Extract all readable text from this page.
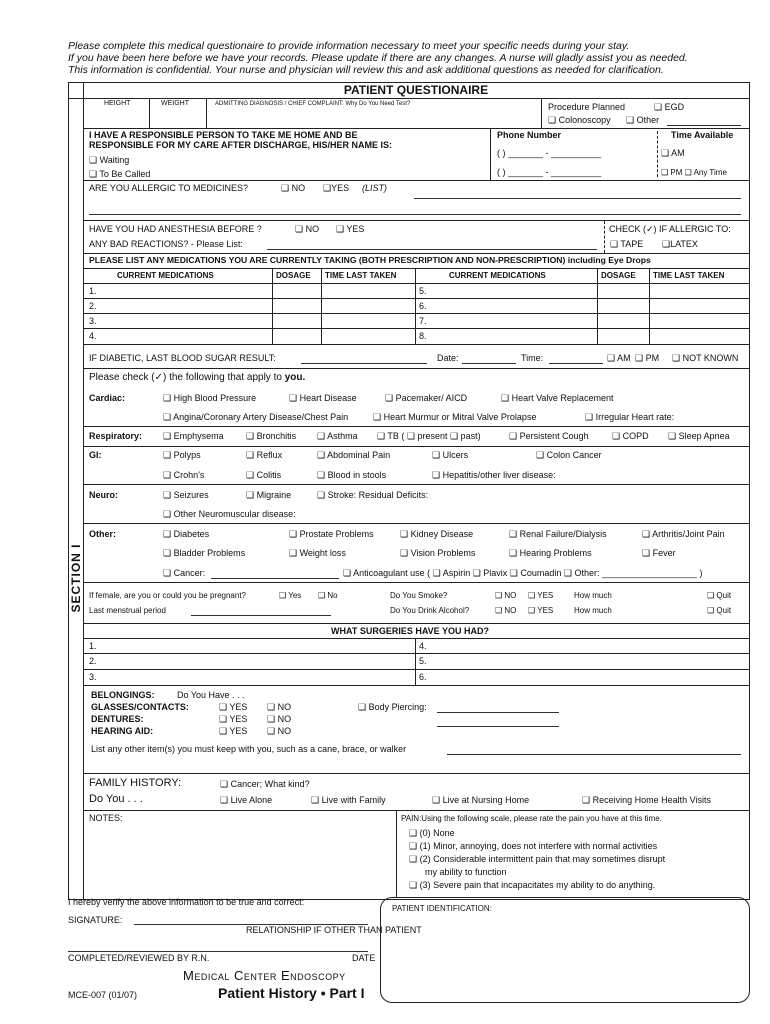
Please complete this medical questionaire to provide information necessary to meet your specific needs during your stay.
If you have been here before we have your records. Please update if there are any changes. A nurse will gladly assist you as needed.
This information is confidential. Your nurse and physician will review this and ask additional questions as needed for clarification.
PATIENT QUESTIONAIRE
SECTION I
HEIGHT	WEIGHT	ADMITTING DIAGNOSIS / CHIEF COMPLAINT: Why Do You Need Test?	Procedure Planned	❑ EGD
❑ Colonoscopy ❑ Other
I HAVE A RESPONSIBLE PERSON TO TAKE ME HOME AND BE
RESPONSIBLE FOR MY CARE AFTER DISCHARGE, HIS/HER NAME IS:
❑ Waiting
❑ To Be Called
Phone Number
( ) _______ - __________
( ) _______ - __________
Time Available
❑ AM
❑ PM ❑ Any Time
ARE YOU ALLERGIC TO MEDICINES?	❑ NO ❑YES (LIST)
HAVE YOU HAD ANESTHESIA BEFORE ?	❑ NO ❑ YES
ANY BAD REACTIONS? - Please List:
CHECK (✓) IF ALLERGIC TO:
❑ TAPE ❑LATEX
PLEASE LIST ANY MEDICATIONS YOU ARE CURRENTLY TAKING (BOTH PRESCRIPTION AND NON-PRESCRIPTION) including Eye Drops
CURRENT MEDICATIONS	DOSAGE TIME LAST TAKEN	CURRENT MEDICATIONS	DOSAGE TIME LAST TAKEN
1.	5.
2.	6.
3.	7.
4.	8.
IF DIABETIC, LAST BLOOD SUGAR RESULT:	Date:	Time:	❑ AM ❑ PM ❑ NOT KNOWN
Please check (✓) the following that apply to you.
Cardiac:	❑ High Blood Pressure	❑ Heart Disease	❑ Pacemaker/ AICD	❑ Heart Valve Replacement
❑ Angina/Coronary Artery Disease/Chest Pain	❑ Heart Murmur or Mitral Valve Prolapse	❑ Irregular Heart rate:
Respiratory: ❑ Emphysema ❑ Bronchitis ❑ Asthma ❑ TB ( ❑ present ❑ past)	❑ Persistent Cough	❑ COPD ❑ Sleep Apnea
GI:	❑ Polyps	❑ Reflux	❑ Abdominal Pain	❑ Ulcers	❑ Colon Cancer
❑ Crohn’s	❑ Colitis	❑ Blood in stools	❑ Hepatitis/other liver disease:
Neuro:	❑ Seizures	❑ Migraine	❑ Stroke: Residual Deficits:
❑ Other Neuromuscular disease:
Other:	❑ Diabetes	❑ Prostate Problems	❑ Kidney Disease	❑ Renal Failure/Dialysis	❑ Arthritis/Joint Pain
❑ Bladder Problems	❑ Weight loss	❑ Vision Problems	❑ Hearing Problems	❑ Fever
❑ Cancer:	❑ Anticoagulant use ( ❑ Aspirin ❑ Plavix ❑ Coumadin ❑ Other: ___________________ )
If female, are you or could you be pregnant?	❑ Yes ❑ No
Last menstrual period
Do You Smoke?	❑ NO ❑ YES	How much	❑ Quit
Do You Drink Alcohol?	❑ NO ❑ YES	How much	❑ Quit
WHAT SURGERIES HAVE YOU HAD?
1.	4.
2.	5.
3.	6.
BELONGINGS: Do You Have . . .
GLASSES/CONTACTS:	❑ YES ❑ NO	❑ Body Piercing:
DENTURES:	❑ YES ❑ NO
HEARING AID:	❑ YES ❑ NO
List any other item(s) you must keep with you, such as a cane, brace, or walker
FAMILY HISTORY:
Do You . . .
❑ Cancer; What kind?
❑ Live Alone	❑ Live with Family	❑ Live at Nursing Home	❑ Receiving Home Health Visits
NOTES:	PAIN:Using the following scale, please rate the pain you have at this time.
❑ (0) None
❑ (1) Minor, annoying, does not interfere with normal activities
❑ (2) Considerable intermittent pain that may sometimes disrupt
my ability to function
❑ (3) Severe pain that incapacitates my ability to do anything.
I hereby verify the above information to be true and correct:
SIGNATURE:
RELATIONSHIP IF OTHER THAN PATIENT
COMPLETED/REVIEWED BY R.N.	DATE
Medical Center Endoscopy
MCE-007 (01/07)	Patient History • Part I
PATIENT IDENTIFICATION:
